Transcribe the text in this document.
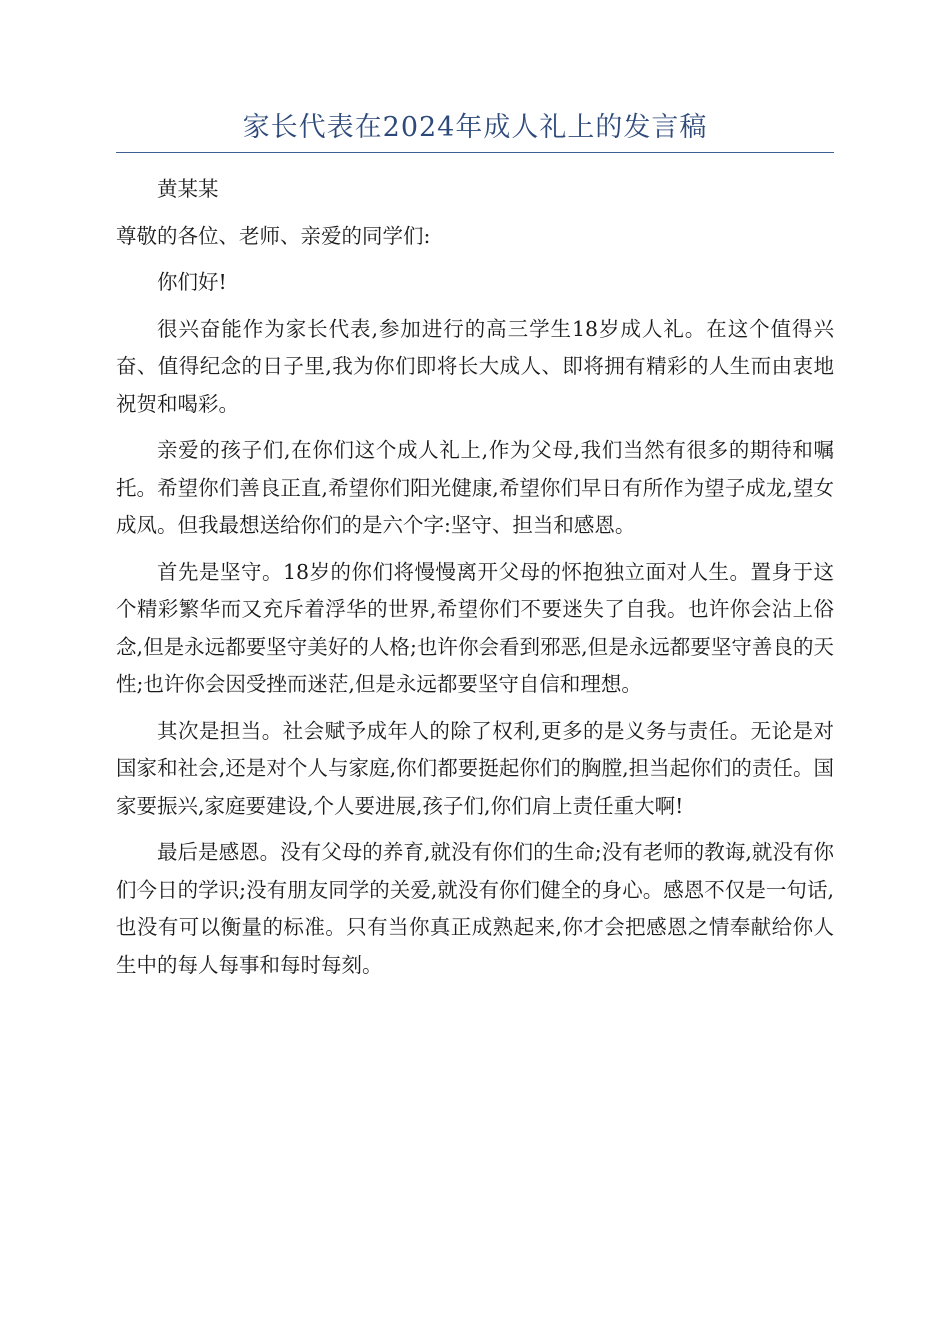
家长代表在2024年成人礼上的发言稿

黄某某

尊敬的各位、老师、亲爱的同学们:

你们好!

很兴奋能作为家长代表,参加进行的高三学生18岁成人礼。在这个值得兴奋、值得纪念的日子里,我为你们即将长大成人、即将拥有精彩的人生而由衷地祝贺和喝彩。

亲爱的孩子们,在你们这个成人礼上,作为父母,我们当然有很多的期待和嘱托。希望你们善良正直,希望你们阳光健康,希望你们早日有所作为望子成龙,望女成凤。但我最想送给你们的是六个字:坚守、担当和感恩。

首先是坚守。18岁的你们将慢慢离开父母的怀抱独立面对人生。置身于这个精彩繁华而又充斥着浮华的世界,希望你们不要迷失了自我。也许你会沾上俗念,但是永远都要坚守美好的人格;也许你会看到邪恶,但是永远都要坚守善良的天性;也许你会因受挫而迷茫,但是永远都要坚守自信和理想。

其次是担当。社会赋予成年人的除了权利,更多的是义务与责任。无论是对国家和社会,还是对个人与家庭,你们都要挺起你们的胸膛,担当起你们的责任。国家要振兴,家庭要建设,个人要进展,孩子们,你们肩上责任重大啊!

最后是感恩。没有父母的养育,就没有你们的生命;没有老师的教诲,就没有你们今日的学识;没有朋友同学的关爱,就没有你们健全的身心。感恩不仅是一句话,也没有可以衡量的标准。只有当你真正成熟起来,你才会把感恩之情奉献给你人生中的每人每事和每时每刻。
